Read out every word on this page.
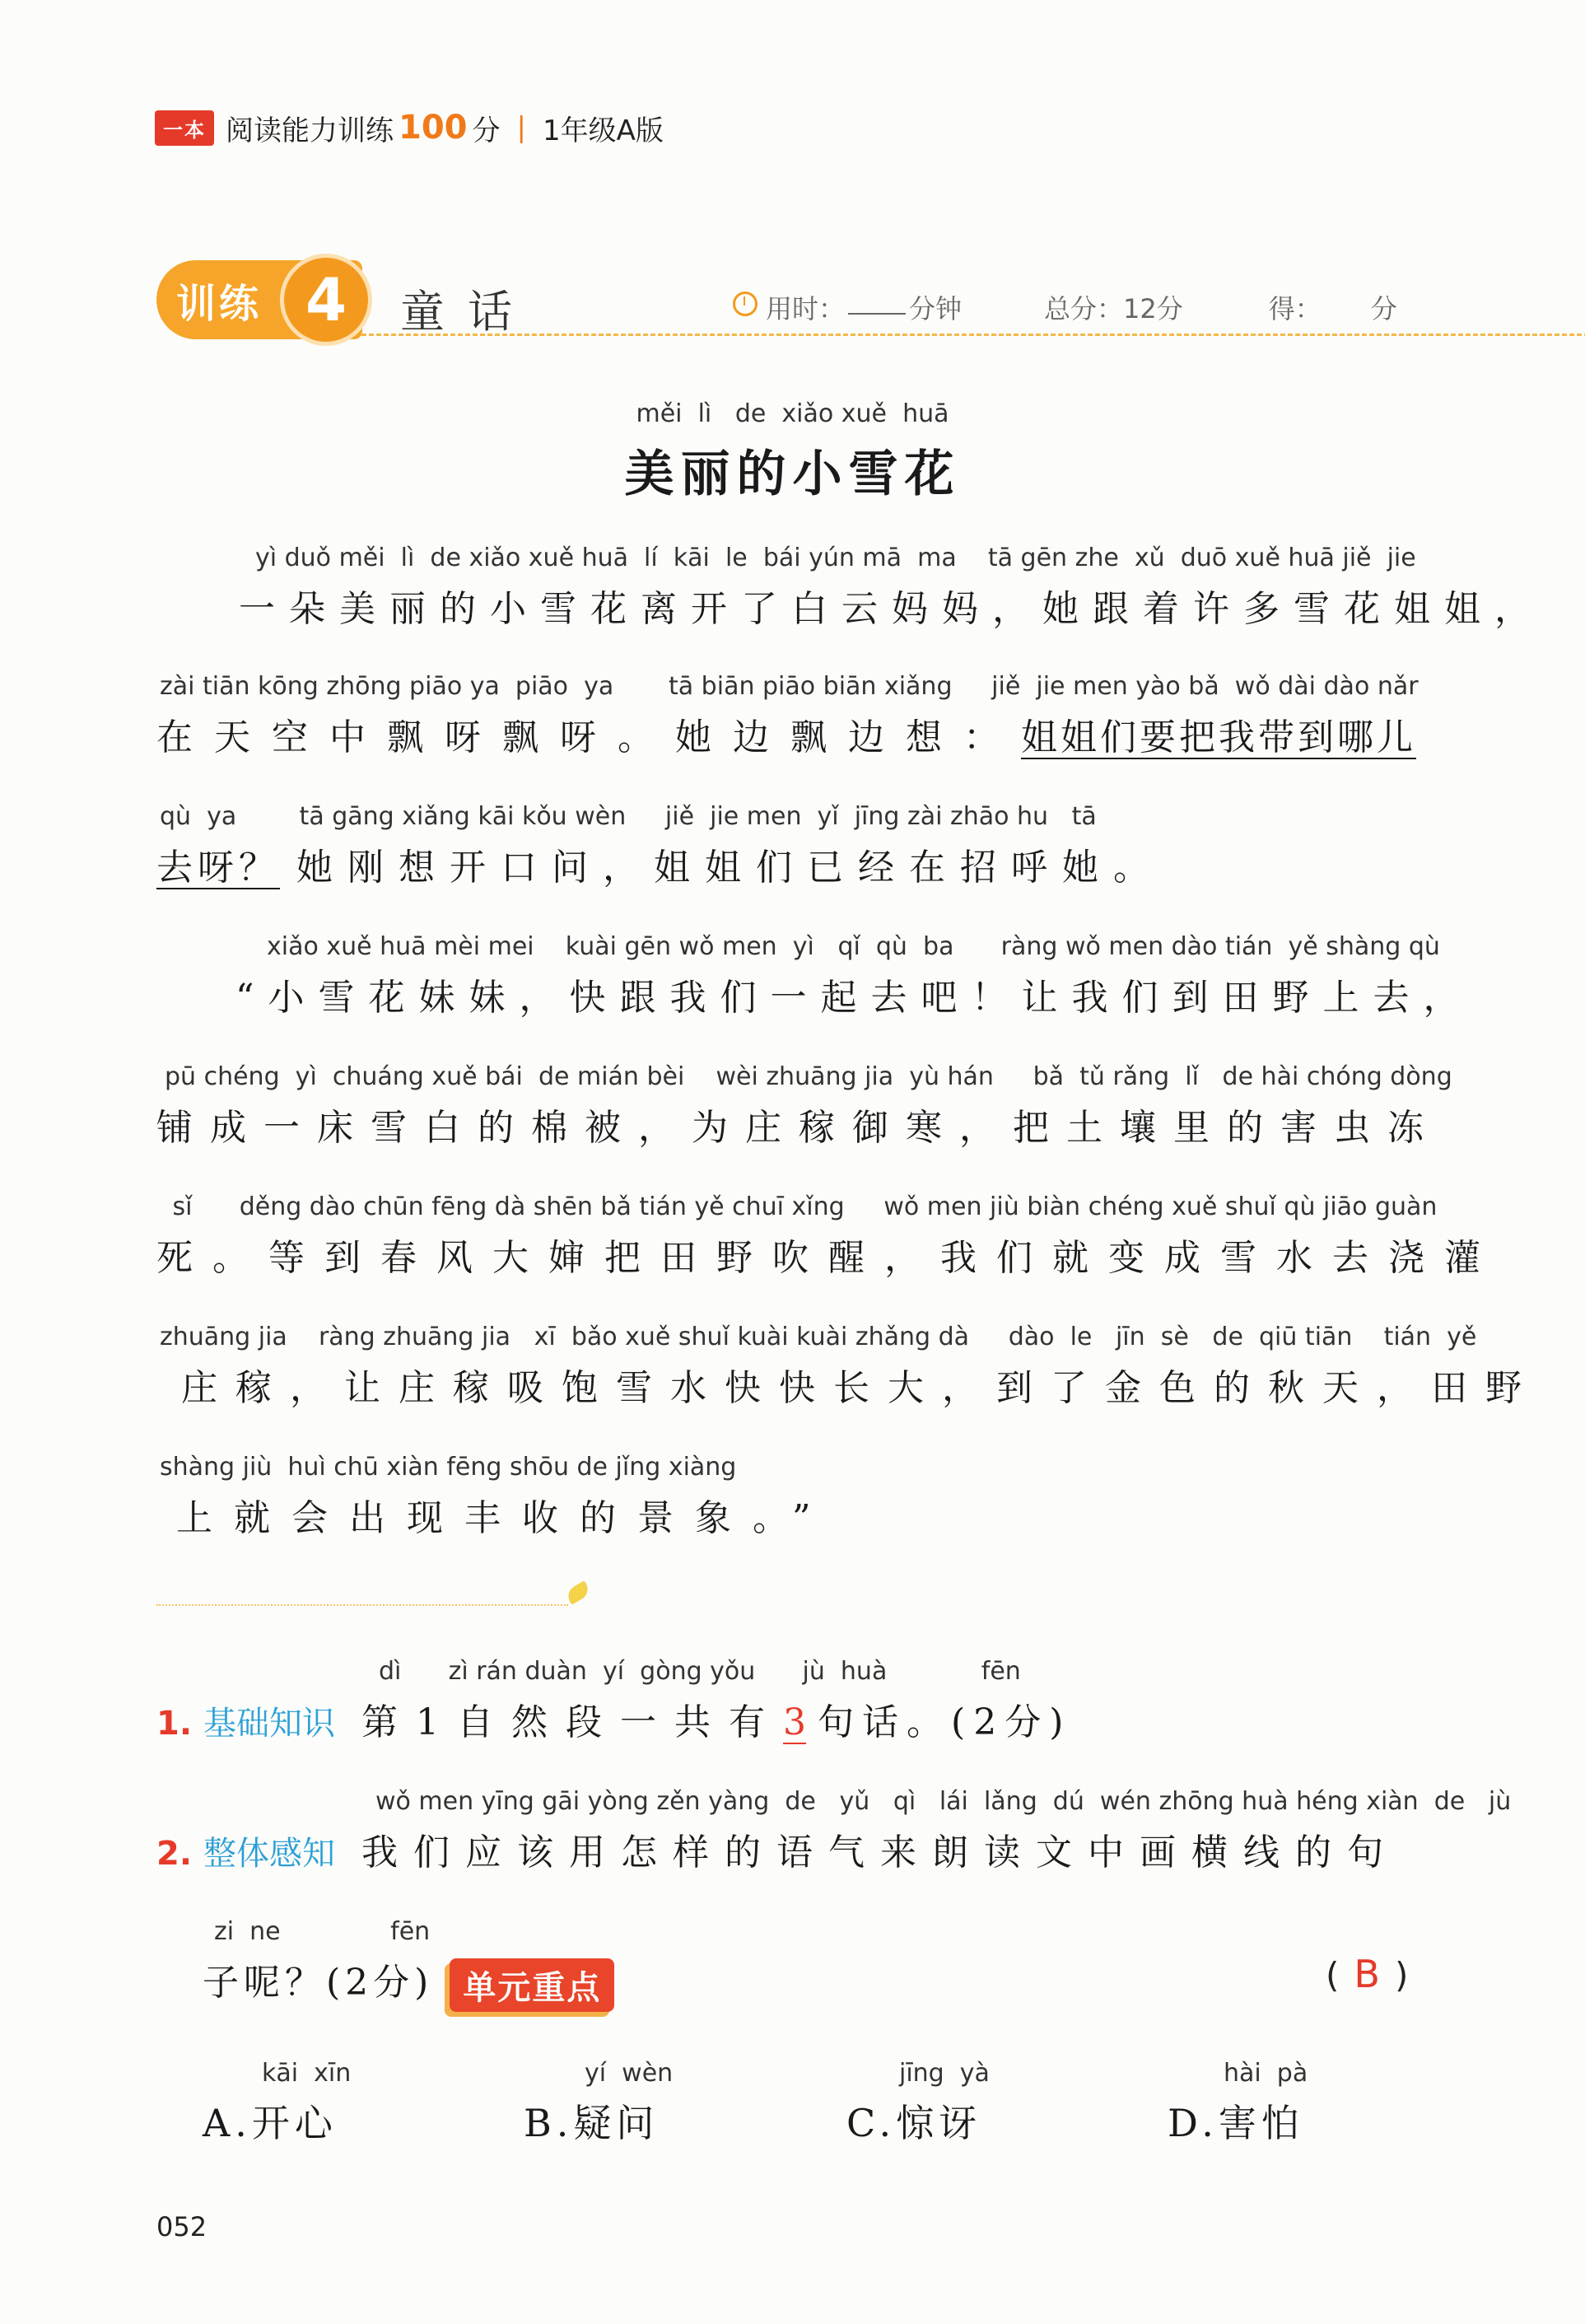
一本 阅读能力训练 100 分 | 1年级A版
训练 4	童话	用时： 分钟	总分：12分	得： 分
měi  lì   de  xiǎo xuě  huā
美丽的小雪花
yì duǒ měi  lì  de xiǎo xuě huā  lí  kāi  le  bái yún mā  ma    tā gēn zhe  xǔ  duō xuě huā jiě  jie
一朵美丽的小雪花离开了白云妈妈，她跟着许多雪花姐姐，
zài tiān kōng zhōng piāo ya  piāo  ya       tā biān piāo biān xiǎng     jiě  jie men yào bǎ  wǒ dài dào nǎr
在天空中飘呀飘呀。她边飘边想：姐姐们要把我带到哪儿
qù  ya        tā gāng xiǎng kāi kǒu wèn     jiě  jie men  yǐ  jīng zài zhāo hu   tā
去呀？ 她刚想开口问，姐姐们已经在招呼她。
xiǎo xuě huā mèi mei    kuài gēn wǒ men  yì   qǐ  qù  ba      ràng wǒ men dào tián  yě shàng qù
“小雪花妹妹，快跟我们一起去吧！让我们到田野上去，
pū chéng  yì  chuáng xuě bái  de mián bèi    wèi zhuāng jia  yù hán     bǎ  tǔ rǎng  lǐ   de hài chóng dòng
铺成一床雪白的棉被，为庄稼御寒，把土壤里的害虫冻
sǐ      děng dào chūn fēng dà shēn bǎ tián yě chuī xǐng     wǒ men jiù biàn chéng xuě shuǐ qù jiāo guàn
死。等到春风大婶把田野吹醒，我们就变成雪水去浇灌
zhuāng jia    ràng zhuāng jia   xī  bǎo xuě shuǐ kuài kuài zhǎng dà     dào  le   jīn  sè   de  qiū tiān    tián  yě
庄稼，让庄稼吸饱雪水快快长大，到了金色的秋天，田野
shàng jiù  huì chū xiàn fēng shōu de jǐng xiàng
上就会出现丰收的景象。”
dì      zì rán duàn  yí  gòng yǒu      jù  huà            fēn
1. 基础知识 第1自然段一共有3 句话。(2分)
wǒ men yīng gāi yòng zěn yàng  de   yǔ   qì   lái  lǎng  dú  wén zhōng huà héng xiàn  de   jù
2. 整体感知 我们应该用怎样的语气来朗读文中画横线的句
zi  ne              fēn
子呢？(2分) 单元重点	(B)
kāi  xīn
A.开心
yí  wèn
B.疑问
jīng  yà
C.惊讶
hài  pà
D.害怕
052
